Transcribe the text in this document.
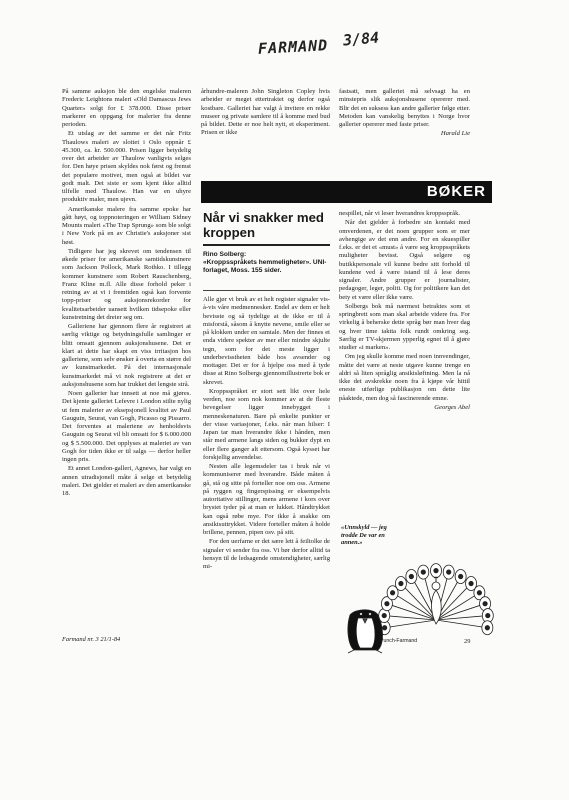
FARMAND 3/84

På samme auksjon ble den engelske maleren Frederic Leightons maleri «Old Damascus Jews Quarter» solgt for £ 378.000. Disse priser markerer en oppgang for malerier fra denne perioden.

Et utslag av det samme er det når Fritz Thaulows maleri av slottet i Oslo oppnår £ 45.300, ca. kr. 500.000. Prisen ligger betydelig over det arbeider av Thaulow vanligvis selges for. Den høye prisen skyldes nok først og fremst det populære motivet, men også at bildet var godt malt. Det siste er som kjent ikke alltid tilfelle med Thaulow. Han var en uhyre produktiv maler, men ujevn.

Amerikanske malere fra samme epoke har gått høyt, og toppnoteringen er William Sidney Mounts maleri «The Trap Sprung» som ble solgt i New York på en av Christie's auksjoner sist høst.

Tidligere har jeg skrevet om tendensen til økede priser for amerikanske samtidskunstnere som Jackson Pollock, Mark Rothko. I tillegg kommer kunstnere som Robert Rauschenberg, Franz Kline m.fl. Alle disse forhold peker i retning av at vi i fremtiden også kan forvente topp-priser og auksjonsrekorder for kvalitetsarbeider uansett hvilken tidsepoke eller kunstretning det dreier seg om.

Galleriene har gjennom flere år registrert at særlig viktige og betydningsfulle samlinger er blitt omsatt gjennom auksjonshusene. Det er klart at dette har skapt en viss irritasjon hos galleriene, som selv ønsker å overta en større del av kunstmarkedet. På det internasjonale kunstmarkedet må vi nok registrere at det er auksjonshusene som har trukket det lengste strå.

Noen gallerier har innsett at noe må gjøres. Det kjente galleriet Lefevre i London stilte nylig ut fem malerier av eksepsjonell kvalitet av Paul Gauguin, Seurat, van Gogh, Picasso og Pissarro. Det forventes at maleriene av henholdsvis Gauguin og Seurat vil bli omsatt for $ 6.000.000 og $ 5.500.000. Det opplyses at maleriet av van Gogh for tiden ikke er til salgs — derfor heller ingen pris.

Et annet London-galleri, Agnews, har valgt en annen utradisjonell måte å selge et betydelig maleri. Det gjelder et maleri av den amerikanske 18.

århundre-maleren John Singleton Copley hvis arbeider er meget ettertraktet og derfor også kostbare. Galleriet har valgt å invitere en rekke museer og private samlere til å komme med bud på bildet. Dette er noe helt nytt, et eksperiment. Prisen er ikke

fastsatt, men galleriet må selvsagt ha en minstepris slik auksjonshusene opererer med. Blir det en suksess kan andre gallerier følge etter. Metoden kan vanskelig benyttes i Norge hvor gallerier opererer med faste priser.

Harald Lie
BØKER
Når vi snakker med kroppen
Rino Solberg:
«Kroppsspråkets hemmeligheter». UNI-forlaget, Moss. 155 sider.

Alle gjør vi bruk av et helt register signaler vis-à-vis våre medmennesker. Endel av dem er helt bevisste og så tydelige at de ikke er til å misforstå, såsom å knytte nevene, smile eller se på klokken under en samtale. Men der finnes et enda videre spekter av mer eller mindre skjulte tegn, som for det meste ligger i underbevisstheten både hos avsender og mottager. Det er for å hjelpe oss med å tyde disse at Rino Solbergs gjennomillustrerte bok er skrevet.

Kroppsspråket er stort sett likt over hele verden, noe som nok kommer av at de fleste bevegelser ligger innebygget i menneskenaturen. Bare på enkelte punkter er der visse variasjoner, f.eks. når man hilser: I Japan tar man hverandre ikke i hånden, men står med armene langs siden og bukker dypt en eller flere ganger alt ettersom. Også kysset har forskjellig anvendelse.

Nesten alle legemsdeler tas i bruk når vi kommuniserer med hverandre. Både måten å gå, stå og sitte på forteller noe om oss. Armene på ryggen og fingerspissing er eksempelvis autoritative stillinger, mens armene i kors over brystet tyder på at man er lukket. Håndtrykket kan også røbe mye. For ikke å snakke om ansiktsuttrykket. Videre forteller måten å holde brillene, pennen, pipen osv. på sitt.

For den uerfarne er det sære lett å feiltolke de signaler vi sender fra oss. Vi bør derfor alltid ta hensyn til de ledsagende omstendigheter, særlig mi-

nespillet, når vi leser hverandres kroppsspråk.

Når det gjelder å forbedre sin kontakt med omverdenen, er det noen grupper som er mer avhengige av det enn andre. For en skuespiller f.eks. er det et «must» å være seg kroppsspråkets muligheter bevisst. Også selgere og butikkpersonale vil kunne bedre sitt forhold til kundene ved å være istand til å lese deres signaler. Andre grupper er journalister, pedagoger, leger, politi. Og for politikere kan det bety et være eller ikke være.

Solbergs bok må nærmest betraktes som et springbrett som man skal arbeide videre fra. For virkelig å beherske dette språg bør man hver dag og hver time iaktta folk rundt omkring seg. Særlig er TV-skjermen ypperlig egnet til å gjøre studier «i marken».

Om jeg skulle komme med noen innvendinger, måtte det være at neste utgave kunne trenge en aldri så liten språglig ansiktsløftning. Men la nå ikke det avskrekke noen fra å kjøpe vår hittil eneste utførlige publikasjon om dette lite påaktede, men dog så fascinerende emne.

Georges Abel
«Unnskyld — jeg trodde De var en annen.»
Punch-Farmand
Farmand nr. 3 21/1-84	29
